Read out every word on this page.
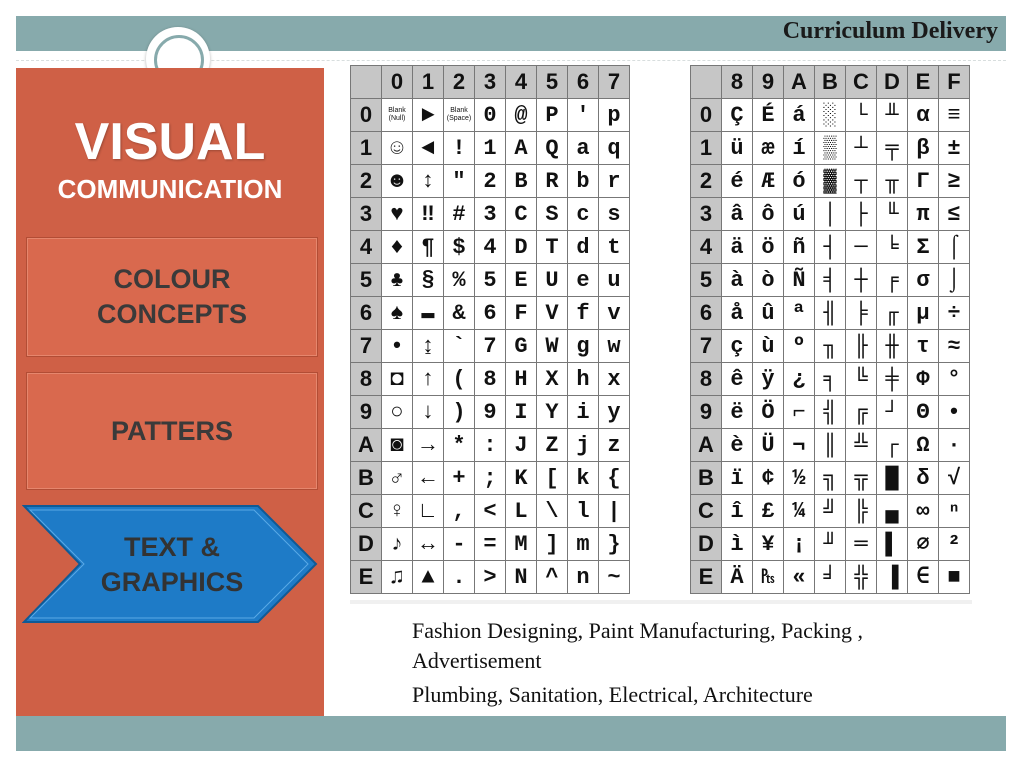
Curriculum Delivery
VISUAL
COMMUNICATION
COLOUR CONCEPTS
PATTERS
TEXT & GRAPHICS
	0	1	2	3	4	5	6	7
0	Blank (Null)	►	Blank (Space)	0	@	P	'	p
1	☺	◄	!	1	A	Q	a	q
2	☻	↕	"	2	B	R	b	r
3	♥	‼	#	3	C	S	c	s
4	♦	¶	$	4	D	T	d	t
5	♣	§	%	5	E	U	e	u
6	♠	▬	&	6	F	V	f	v
7	•	↨	`	7	G	W	g	w
8	◘	↑	(	8	H	X	h	x
9	○	↓	)	9	I	Y	i	y
A	◙	→	*	:	J	Z	j	z
B	♂	←	+	;	K	[	k	{
C	♀	∟	,	<	L	\	l	|
D	♪	↔	-	=	M	]	m	}
E	♫	▲	.	>	N	^	n	~
	8	9	A	B	C	D	E	F
0	Ç	É	á	░	└	╨	α	≡
1	ü	æ	í	▒	┴	╤	β	±
2	é	Æ	ó	▓	┬	╥	Γ	≥
3	â	ô	ú	│	├	╙	π	≤
4	ä	ö	ñ	┤	─	╘	Σ	⌠
5	à	ò	Ñ	╡	┼	╒	σ	⌡
6	å	û	ª	╢	╞	╓	µ	÷
7	ç	ù	º	╖	╟	╫	τ	≈
8	ê	ÿ	¿	╕	╚	╪	Φ	°
9	ë	Ö	⌐	╣	╔	┘	Θ	•
A	è	Ü	¬	║	╩	┌	Ω	·
B	ï	¢	½	╗	╦	█	δ	√
C	î	£	¼	╝	╠	▄	∞	ⁿ
D	ì	¥	¡	╜	═	▌	∅	²
E	Ä	₧	«	╛	╬	▐	∈	■
Fashion Designing, Paint Manufacturing, Packing , Advertisement
Plumbing, Sanitation, Electrical, Architecture
